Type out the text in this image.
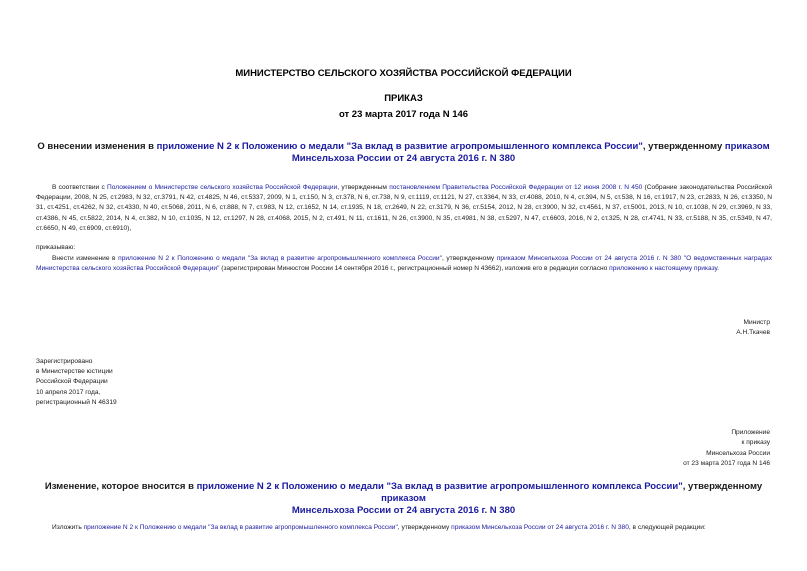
МИНИСТЕРСТВО СЕЛЬСКОГО ХОЗЯЙСТВА РОССИЙСКОЙ ФЕДЕРАЦИИ
ПРИКАЗ
от 23 марта 2017 года N 146
О внесении изменения в приложение N 2 к Положению о медали "За вклад в развитие агропромышленного комплекса России", утвержденному приказом
Минсельхоза России от 24 августа 2016 г. N 380
В соответствии с Положением о Министерстве сельского хозяйства Российской Федерации, утвержденным постановлением Правительства Российской Федерации от 12 июня 2008 г. N 450 (Собрание законодательства Российской Федерации, 2008, N 25, ст.2983, N 32, ст.3791, N 42, ст.4825, N 46, ст.5337, 2009, N 1, ст.150, N 3, ст.378, N 6, ст.738, N 9, ст.1119, ст.1121, N 27, ст.3364, N 33, ст.4088, 2010, N 4, ст.394, N 5, ст.538, N 16, ст.1917, N 23, ст.2833, N 26, ст.3350, N 31, ст.4251, ст.4262, N 32, ст.4330, N 40, ст.5068, 2011, N 6, ст.888, N 7, ст.983, N 12, ст.1652, N 14, ст.1935, N 18, ст.2649, N 22, ст.3179, N 36, ст.5154, 2012, N 28, ст.3900, N 32, ст.4561, N 37, ст.5001, 2013, N 10, ст.1038, N 29, ст.3969, N 33, ст.4386, N 45, ст.5822, 2014, N 4, ст.382, N 10, ст.1035, N 12, ст.1297, N 28, ст.4068, 2015, N 2, ст.491, N 11, ст.1611, N 26, ст.3900, N 35, ст.4981, N 38, ст.5297, N 47, ст.6603, 2016, N 2, ст.325, N 28, ст.4741, N 33, ст.5188, N 35, ст.5349, N 47, ст.6650, N 49, ст.6909, ст.6910),
приказываю:
Внести изменение в приложение N 2 к Положению о медали "За вклад в развитие агропромышленного комплекса России", утвержденному приказом Минсельхоза России от 24 августа 2016 г. N 380 "О ведомственных наградах Министерства сельского хозяйства Российской Федерации" (зарегистрирован Минюстом России 14 сентября 2016 г., регистрационный номер N 43662), изложив его в редакции согласно приложению к настоящему приказу.
Министр
А.Н.Ткачев
Зарегистрировано
в Министерстве юстиции
Российской Федерации
10 апреля 2017 года,
регистрационный N 46319
Приложение
к приказу
Минсельхоза России
от 23 марта 2017 года N 146
Изменение, которое вносится в приложение N 2 к Положению о медали "За вклад в развитие агропромышленного комплекса России", утвержденному приказом
Минсельхоза России от 24 августа 2016 г. N 380
Изложить приложение N 2 к Положению о медали "За вклад в развитие агропромышленного комплекса России", утвержденному приказом Минсельхоза России от 24 августа 2016 г. N 380, в следующей редакции:
